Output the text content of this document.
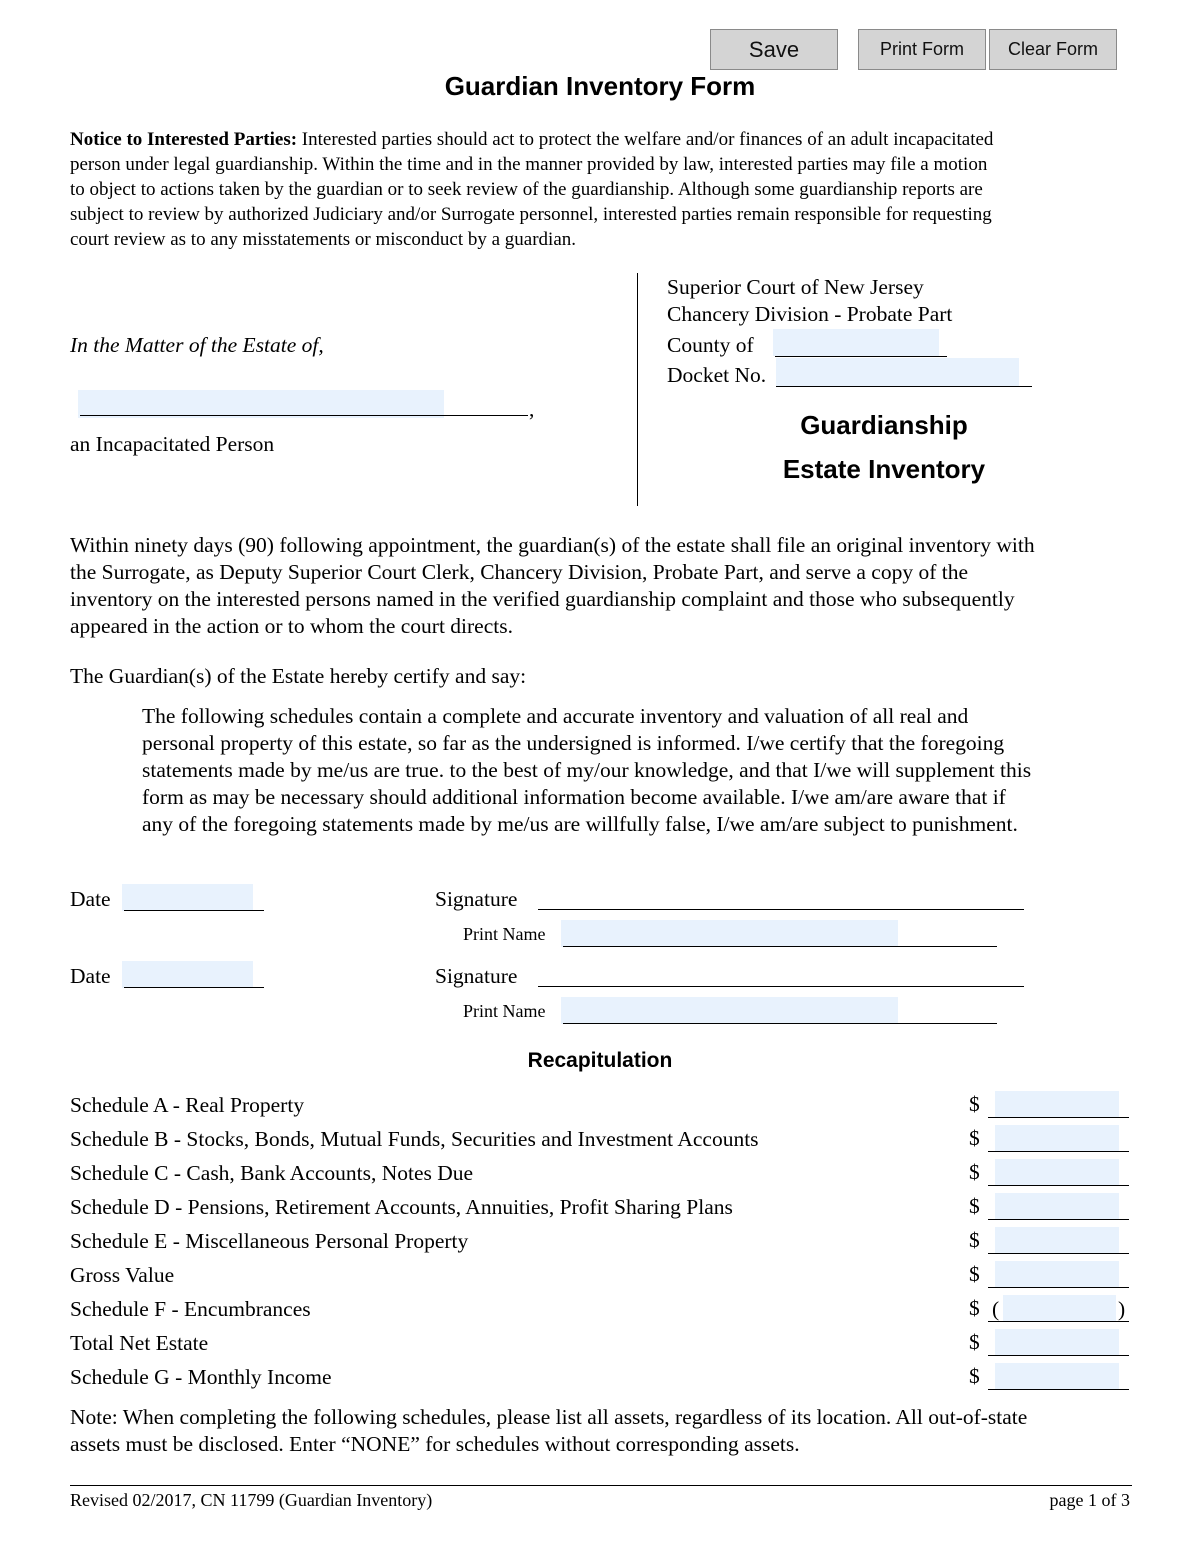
Save	Print Form	Clear Form
Guardian Inventory Form
Notice to Interested Parties: Interested parties should act to protect the welfare and/or finances of an adult incapacitated
person under legal guardianship. Within the time and in the manner provided by law, interested parties may file a motion
to object to actions taken by the guardian or to seek review of the guardianship. Although some guardianship reports are
subject to review by authorized Judiciary and/or Surrogate personnel, interested parties remain responsible for requesting
court review as to any misstatements or misconduct by a guardian.
In the Matter of the Estate of,
,
an Incapacitated Person
Superior Court of New Jersey
Chancery Division - Probate Part
County of
Docket No.
Guardianship
Estate Inventory
Within ninety days (90) following appointment, the guardian(s) of the estate shall file an original inventory with
the Surrogate, as Deputy Superior Court Clerk, Chancery Division, Probate Part, and serve a copy of the
inventory on the interested persons named in the verified guardianship complaint and those who subsequently
appeared in the action or to whom the court directs.
The Guardian(s) of the Estate hereby certify and say:
The following schedules contain a complete and accurate inventory and valuation of all real and
personal property of this estate, so far as the undersigned is informed. I/we certify that the foregoing
statements made by me/us are true. to the best of my/our knowledge, and that I/we will supplement this
form as may be necessary should additional information become available. I/we am/are aware that if
any of the foregoing statements made by me/us are willfully false, I/we am/are subject to punishment.
Date	Signature
Print Name
Date	Signature
Print Name
Recapitulation
Schedule A - Real Property	$
Schedule B - Stocks, Bonds, Mutual Funds, Securities and Investment Accounts	$
Schedule C - Cash, Bank Accounts, Notes Due	$
Schedule D - Pensions, Retirement Accounts, Annuities, Profit Sharing Plans	$
Schedule E - Miscellaneous Personal Property	$
Gross Value	$
Schedule F - Encumbrances	$ (	)
Total Net Estate	$
Schedule G - Monthly Income	$
Note: When completing the following schedules, please list all assets, regardless of its location. All out-of-state
assets must be disclosed. Enter “NONE” for schedules without corresponding assets.
Revised 02/2017, CN 11799 (Guardian Inventory)	page 1 of 3
